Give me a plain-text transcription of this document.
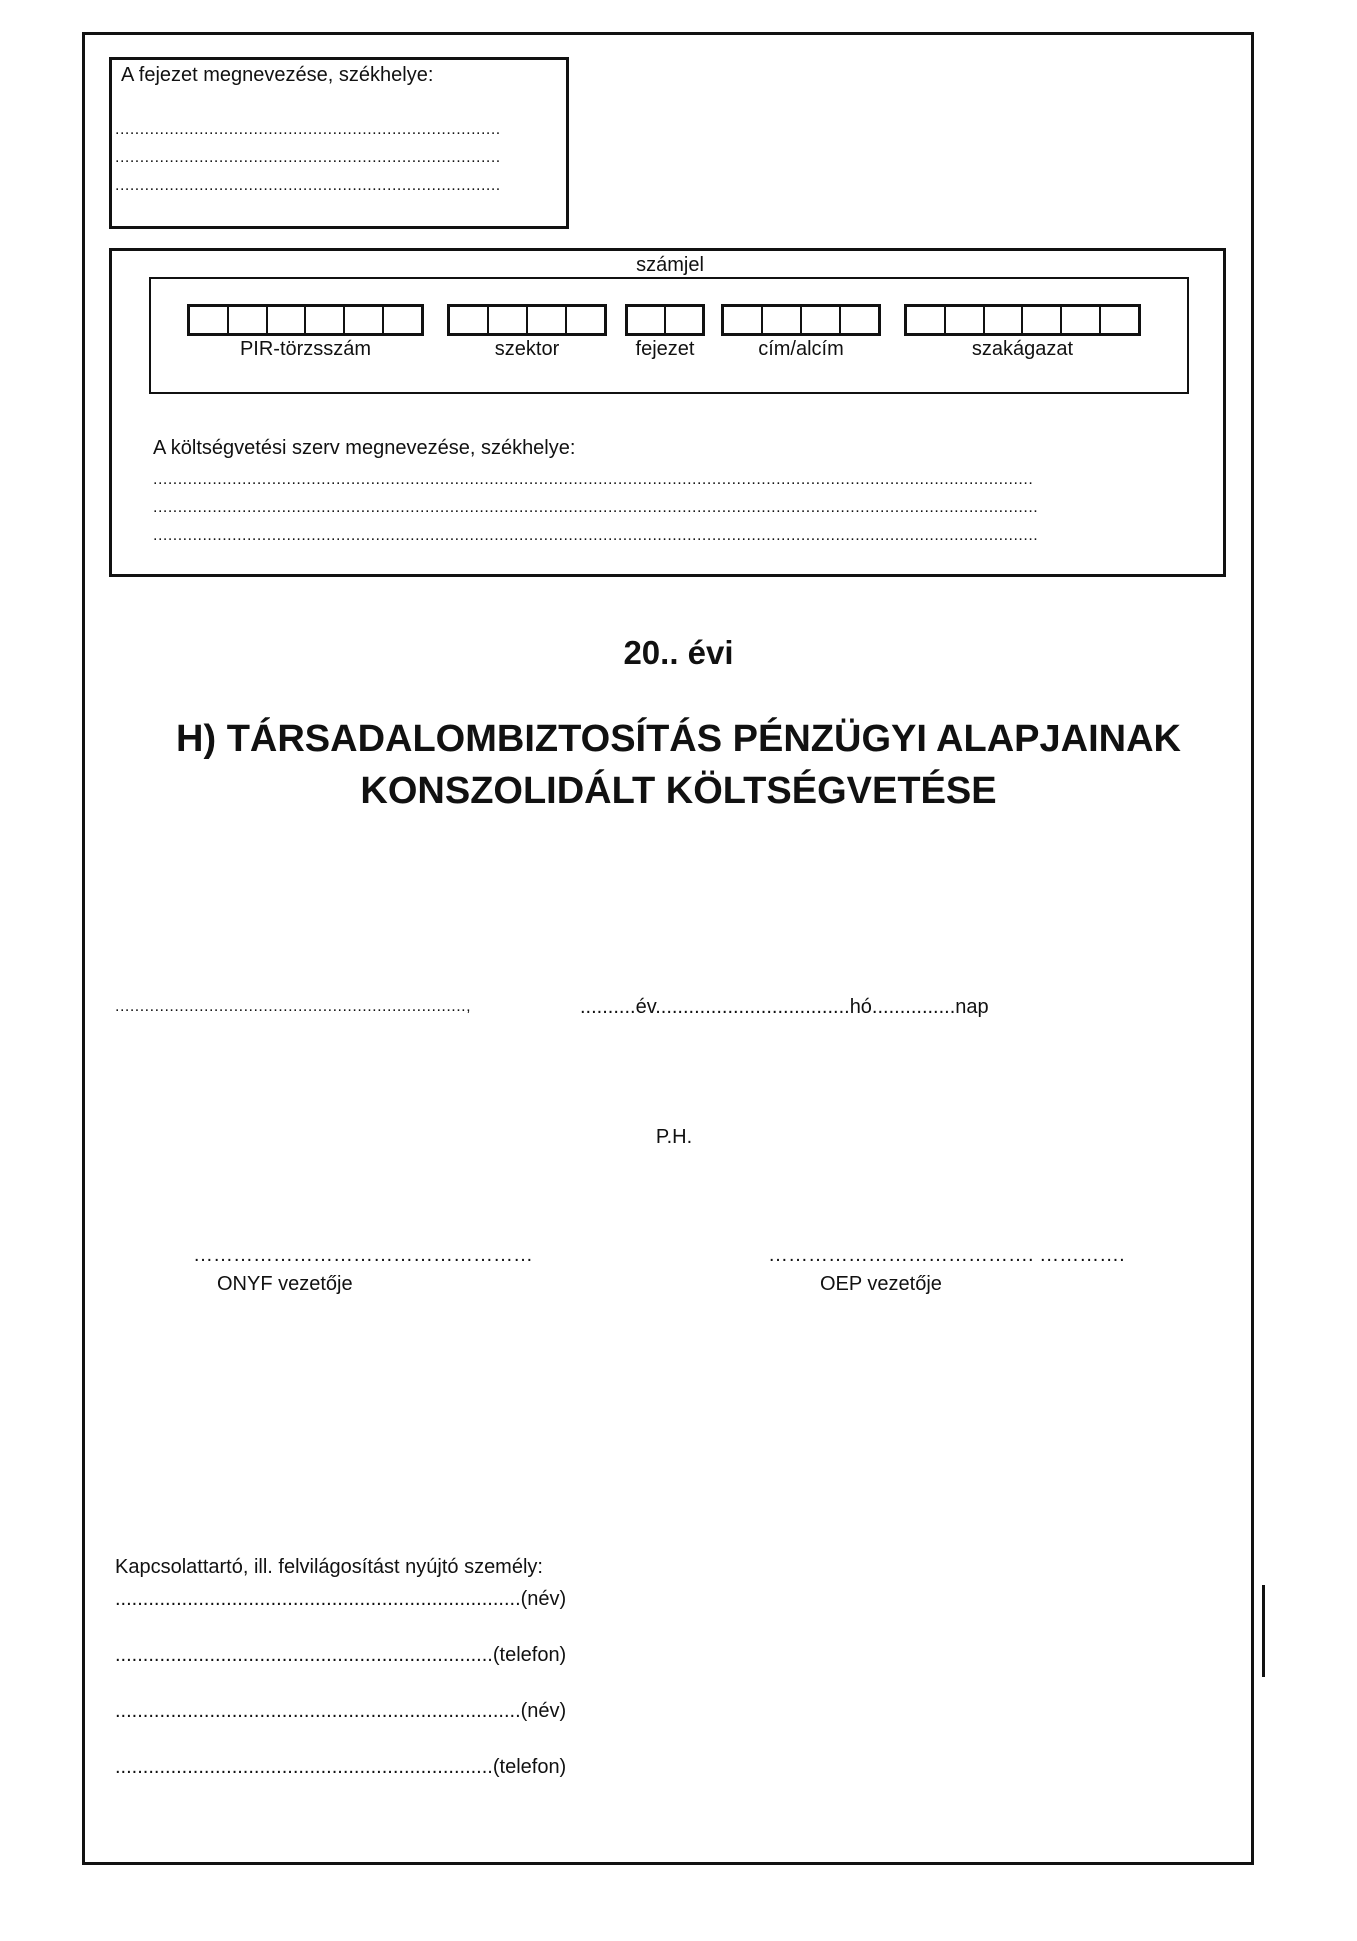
A fejezet megnevezése, székhelye:
..............................................................................
..............................................................................
..............................................................................
számjel
PIR-törzsszám	szektor	fejezet	cím/alcím	szakágazat
A költségvetési szerv megnevezése, székhelye:
..................................................................................................................................................................................
...................................................................................................................................................................................
...................................................................................................................................................................................
20.. évi
H) TÁRSADALOMBIZTOSÍTÁS PÉNZÜGYI ALAPJAINAK
KONSZOLIDÁLT KÖLTSÉGVETÉSE
.......................................................................,	..........év...................................hó...............nap
P.H.
……………………………………………
ONYF vezetője
…………………………………. ………….
OEP vezetője
Kapcsolattartó, ill. felvilágosítást nyújtó személy:
.........................................................................(név)
....................................................................(telefon)
.........................................................................(név)
....................................................................(telefon)
